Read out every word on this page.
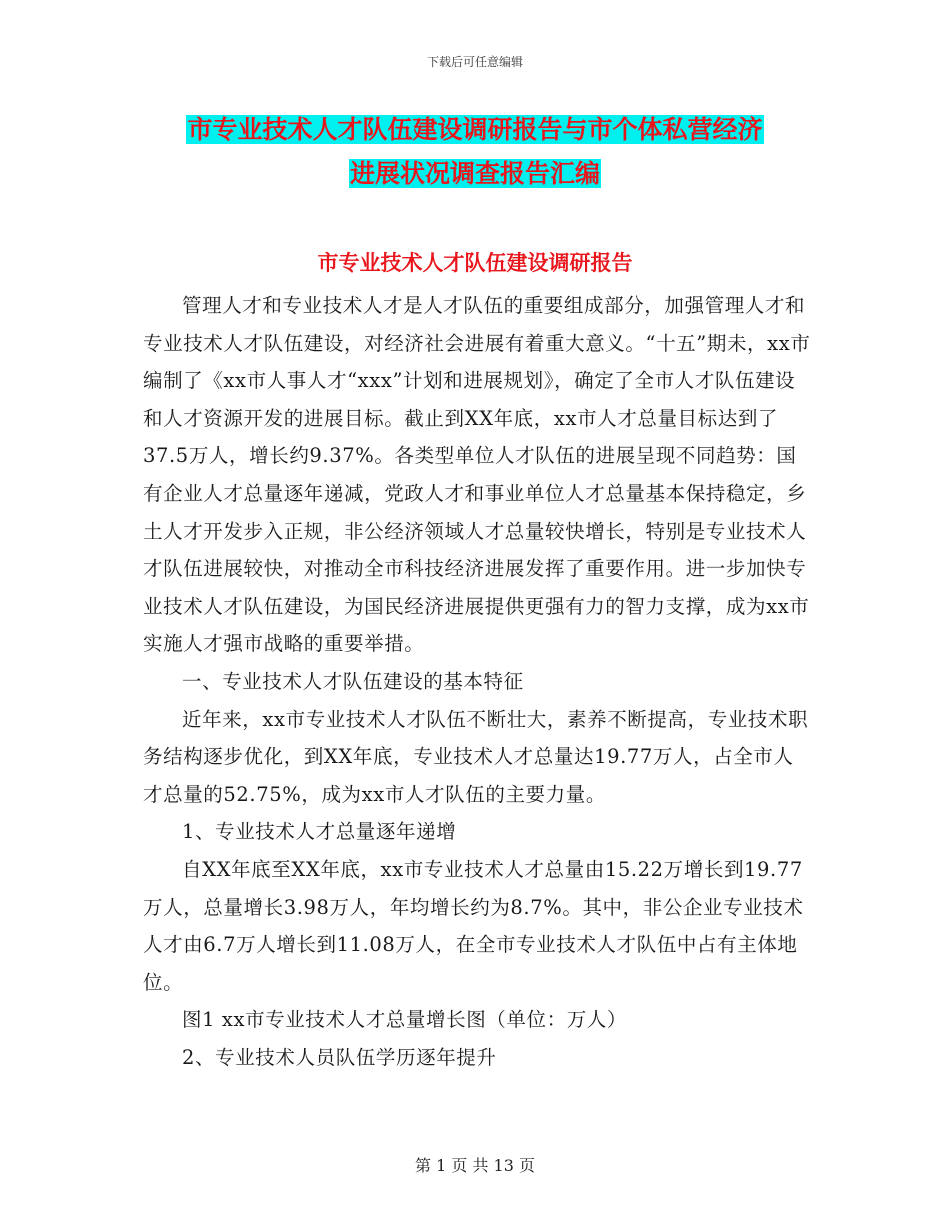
下载后可任意编辑
市专业技术人才队伍建设调研报告与市个体私营经济
进展状况调查报告汇编
市专业技术人才队伍建设调研报告

管理人才和专业技术人才是人才队伍的重要组成部分，加强管理人才和专业技术人才队伍建设，对经济社会进展有着重大意义。“十五”期未，xx市编制了《xx市人事人才“xxx”计划和进展规划》，确定了全市人才队伍建设和人才资源开发的进展目标。截止到XX年底，xx市人才总量目标达到了37.5万人，增长约9.37%。各类型单位人才队伍的进展呈现不同趋势：国有企业人才总量逐年递减，党政人才和事业单位人才总量基本保持稳定，乡土人才开发步入正规，非公经济领域人才总量较快增长，特别是专业技术人才队伍进展较快，对推动全市科技经济进展发挥了重要作用。进一步加快专业技术人才队伍建设，为国民经济进展提供更强有力的智力支撑，成为xx市实施人才强市战略的重要举措。

一、专业技术人才队伍建设的基本特征

近年来，xx市专业技术人才队伍不断壮大，素养不断提高，专业技术职务结构逐步优化，到XX年底，专业技术人才总量达19.77万人，占全市人才总量的52.75%，成为xx市人才队伍的主要力量。

1、专业技术人才总量逐年递增

自XX年底至XX年底，xx市专业技术人才总量由15.22万增长到19.77万人，总量增长3.98万人，年均增长约为8.7%。其中，非公企业专业技术人才由6.7万人增长到11.08万人，在全市专业技术人才队伍中占有主体地位。

图1 xx市专业技术人才总量增长图（单位：万人）

2、专业技术人员队伍学历逐年提升

第 1 页 共 13 页
